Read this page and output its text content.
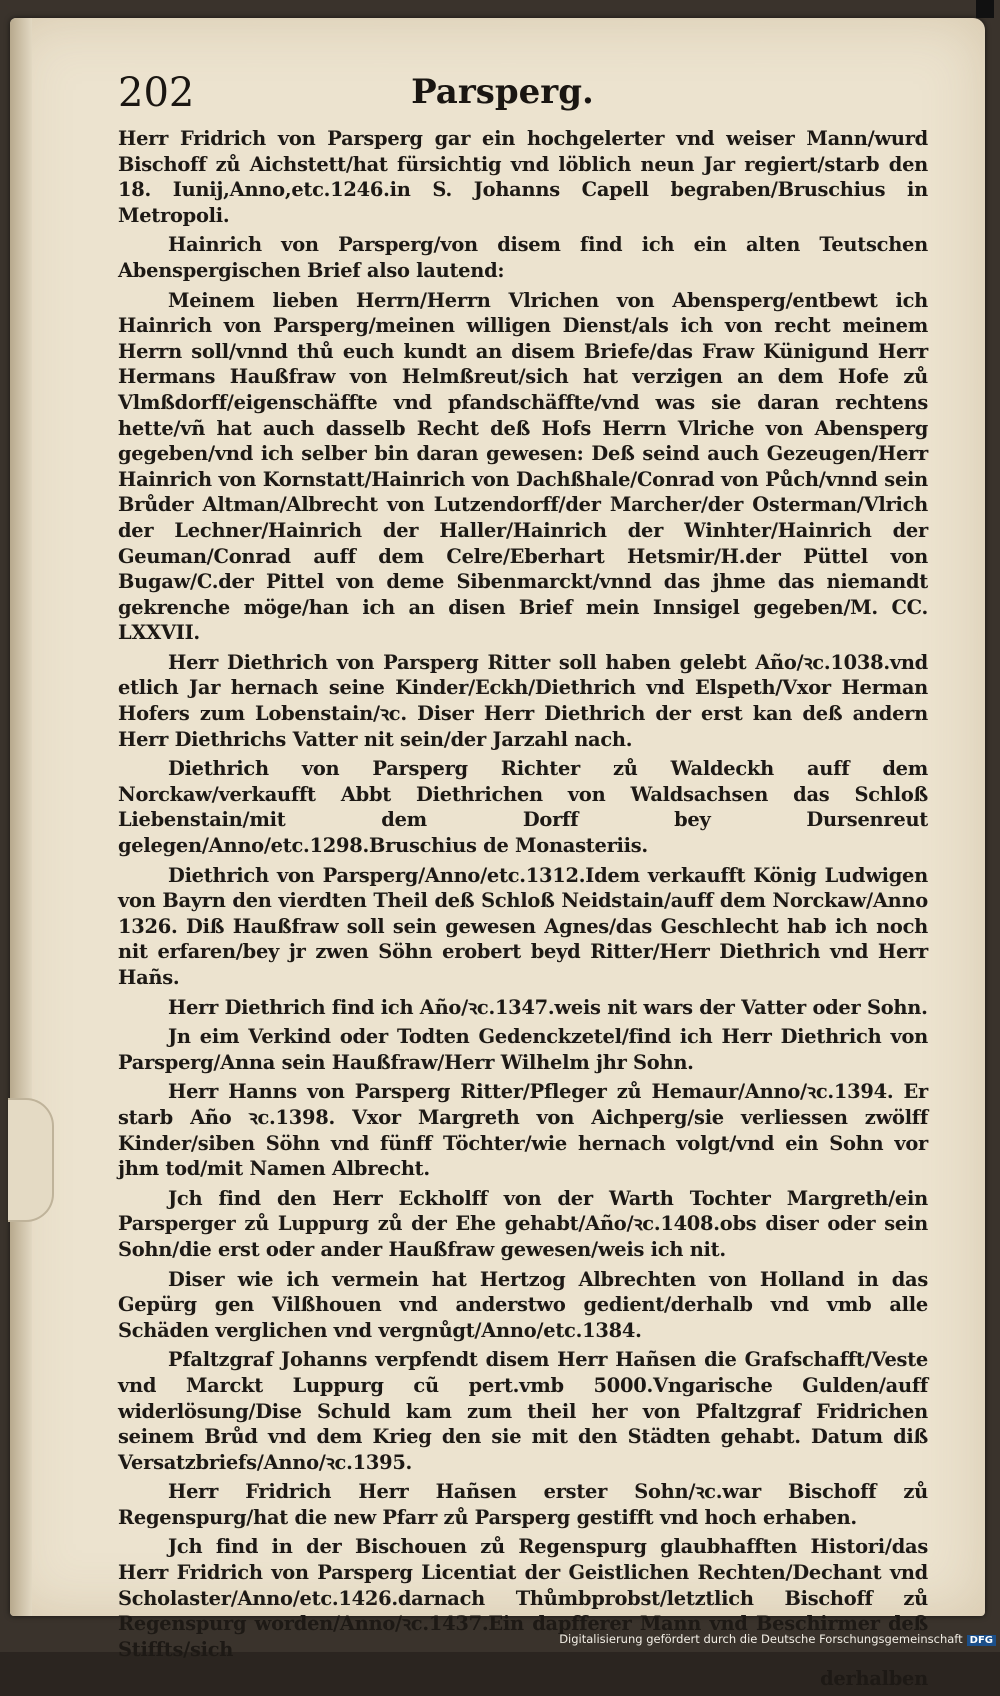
202	Parsperg.

Herr Fridrich von Parsperg gar ein hochgelerter vnd weiser Mann/wurd Bischoff zů Aichstett/hat fürsichtig vnd löblich neun Jar regiert/starb den 18. Iunij,Anno,etc.1246.in S. Johanns Capell begraben/Bruschius in Metropoli.

Hainrich von Parsperg/von disem find ich ein alten Teutschen Abenspergischen Brief also lautend:

Meinem lieben Herrn/Herrn Vlrichen von Abensperg/entbewt ich Hainrich von Parsperg/meinen willigen Dienst/als ich von recht meinem Herrn soll/vnnd thů euch kundt an disem Briefe/das Fraw Künigund Herr Hermans Haußfraw von Helmßreut/sich hat verzigen an dem Hofe zů Vlmßdorff/eigenschäffte vnd pfandschäffte/vnd was sie daran rechtens hette/vñ hat auch dasselb Recht deß Hofs Herrn Vlriche von Abensperg gegeben/vnd ich selber bin daran gewesen: Deß seind auch Gezeugen/Herr Hainrich von Kornstatt/Hainrich von Dachßhale/Conrad von Půch/vnnd sein Brůder Altman/Albrecht von Lutzendorff/der Marcher/der Osterman/Vlrich der Lechner/Hainrich der Haller/Hainrich der Winhter/Hainrich der Geuman/Conrad auff dem Celre/Eberhart Hetsmir/H.der Püttel von Bugaw/C.der Pittel von deme Sibenmarckt/vnnd das jhme das niemandt gekrenche möge/han ich an disen Brief mein Innsigel gegeben/M. CC. LXXVII.

Herr Diethrich von Parsperg Ritter soll haben gelebt Año/ꝛc.1038.vnd etlich Jar hernach seine Kinder/Eckh/Diethrich vnd Elspeth/Vxor Herman Hofers zum Lobenstain/ꝛc. Diser Herr Diethrich der erst kan deß andern Herr Diethrichs Vatter nit sein/der Jarzahl nach.

Diethrich von Parsperg Richter zů Waldeckh auff dem Norckaw/verkaufft Abbt Diethrichen von Waldsachsen das Schloß Liebenstain/mit dem Dorff bey Dursenreut gelegen/Anno/etc.1298.Bruschius de Monasteriis.

Diethrich von Parsperg/Anno/etc.1312.Idem verkaufft König Ludwigen von Bayrn den vierdten Theil deß Schloß Neidstain/auff dem Norckaw/Anno 1326. Diß Haußfraw soll sein gewesen Agnes/das Geschlecht hab ich noch nit erfaren/bey jr zwen Söhn erobert beyd Ritter/Herr Diethrich vnd Herr Hañs.

Herr Diethrich find ich Año/ꝛc.1347.weis nit wars der Vatter oder Sohn.

Jn eim Verkind oder Todten Gedenckzetel/find ich Herr Diethrich von Parsperg/Anna sein Haußfraw/Herr Wilhelm jhr Sohn.

Herr Hanns von Parsperg Ritter/Pfleger zů Hemaur/Anno/ꝛc.1394. Er starb Año ꝛc.1398. Vxor Margreth von Aichperg/sie verliessen zwölff Kinder/siben Söhn vnd fünff Töchter/wie hernach volgt/vnd ein Sohn vor jhm tod/mit Namen Albrecht.

Jch find den Herr Eckholff von der Warth Tochter Margreth/ein Parsperger zů Luppurg zů der Ehe gehabt/Año/ꝛc.1408.obs diser oder sein Sohn/die erst oder ander Haußfraw gewesen/weis ich nit.

Diser wie ich vermein hat Hertzog Albrechten von Holland in das Gepürg gen Vilßhouen vnd anderstwo gedient/derhalb vnd vmb alle Schäden verglichen vnd vergnůgt/Anno/etc.1384.

Pfaltzgraf Johanns verpfendt disem Herr Hañsen die Grafschafft/Veste vnd Marckt Luppurg cũ pert.vmb 5000.Vngarische Gulden/auff widerlösung/Dise Schuld kam zum theil her von Pfaltzgraf Fridrichen seinem Brůd vnd dem Krieg den sie mit den Städten gehabt. Datum diß Versatzbriefs/Anno/ꝛc.1395.

Herr Fridrich Herr Hañsen erster Sohn/ꝛc.war Bischoff zů Regenspurg/hat die new Pfarr zů Parsperg gestifft vnd hoch erhaben.

Jch find in der Bischouen zů Regenspurg glaubhafften Histori/das Herr Fridrich von Parsperg Licentiat der Geistlichen Rechten/Dechant vnd Scholaster/Anno/etc.1426.darnach Thůmbprobst/letztlich Bischoff zů Regenspurg worden/Anno/ꝛc.1437.Ein dapfferer Mann vnd Beschirmer deß Stiffts/sich

derhalben

Digitalisierung gefördert durch die Deutsche Forschungsgemeinschaft DFG
